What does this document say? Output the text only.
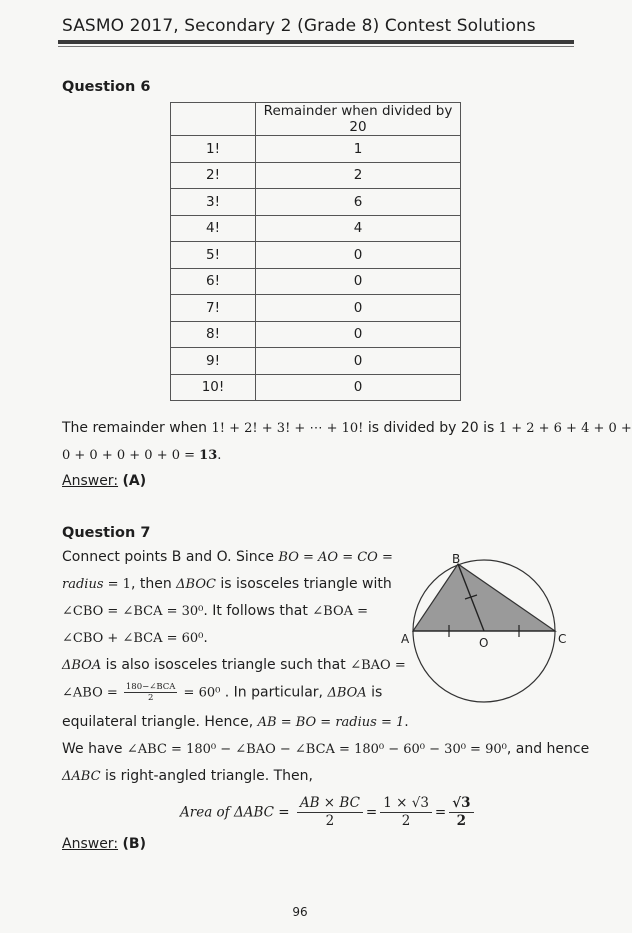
SASMO 2017, Secondary 2 (Grade 8) Contest Solutions
Question 6
	Remainder when divided by 20
1!	1
2!	2
3!	6
4!	4
5!	0
6!	0
7!	0
8!	0
9!	0
10!	0
The remainder when 1! + 2! + 3! + ⋯ + 10! is divided by 20 is 1 + 2 + 6 + 4 + 0 +
0 + 0 + 0 + 0 + 0 = 13.
Answer: (A)
Question 7
Connect points B and O. Since BO = AO = CO =
radius = 1, then ΔBOC is isosceles triangle with
∠CBO = ∠BCA = 30⁰. It follows that ∠BOA =
∠CBO + ∠BCA = 60⁰.
ΔBOA is also isosceles triangle such that ∠BAO =
∠ABO = $\frac{\text{180−∠BCA}}{2} = 60^0$ . In particular, ΔBOA is
equilateral triangle. Hence, AB = BO = radius = 1.
We have ∠ABC = 180⁰ − ∠BAO − ∠BCA = 180⁰ − 60⁰ − 30⁰ = 90⁰, and hence
ΔABC is right-angled triangle. Then,
Area of $\Delta ABC = \frac{AB \times BC}{2} = \frac{1 \times √3}{2} = \frac{√3}{2}$
Answer: (B)
A
B
C
O
96
